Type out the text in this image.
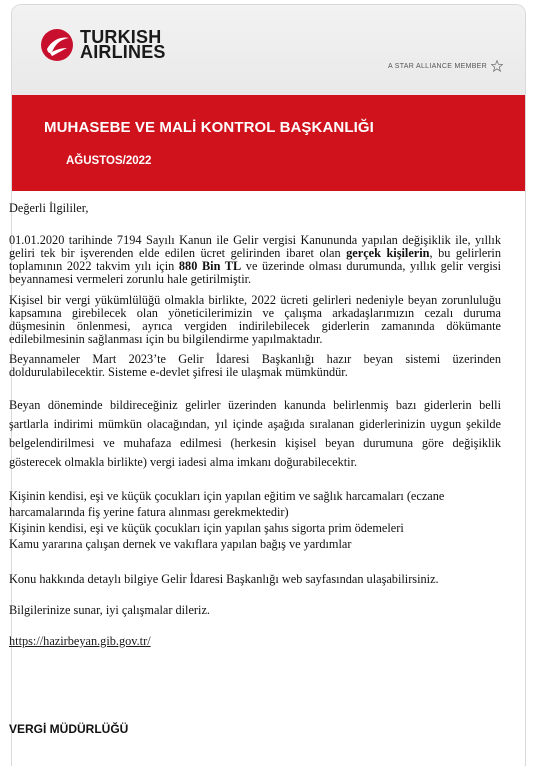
TURKISH
AIRLINES
A STAR ALLIANCE MEMBER
MUHASEBE VE MALİ KONTROL BAŞKANLIĞI
AĞUSTOS/2022

Değerli İlgililer,

01.01.2020 tarihinde 7194 Sayılı Kanun ile Gelir vergisi Kanununda yapılan değişiklik ile, yıllık geliri tek bir işverenden elde edilen ücret gelirinden ibaret olan gerçek kişilerin, bu gelirlerin toplamının 2022 takvim yılı için 880 Bin TL ve üzerinde olması durumunda, yıllık gelir vergisi beyannamesi vermeleri zorunlu hale getirilmiştir.

Kişisel bir vergi yükümlülüğü olmakla birlikte, 2022 ücreti gelirleri nedeniyle beyan zorunluluğu kapsamına girebilecek olan yöneticilerimizin ve çalışma arkadaşlarımızın cezalı duruma düşmesinin önlenmesi, ayrıca vergiden indirilebilecek giderlerin zamanında dökümante edilebilmesinin sağlanması için bu bilgilendirme yapılmaktadır.

Beyannameler Mart 2023’te Gelir İdaresi Başkanlığı hazır beyan sistemi üzerinden doldurulabilecektir. Sisteme e-devlet şifresi ile ulaşmak mümkündür.

Beyan döneminde bildireceğiniz gelirler üzerinden kanunda belirlenmiş bazı giderlerin belli şartlarla indirimi mümkün olacağından, yıl içinde aşağıda sıralanan giderlerinizin uygun şekilde belgelendirilmesi ve muhafaza edilmesi (herkesin kişisel beyan durumuna göre değişiklik gösterecek olmakla birlikte) vergi iadesi alma imkanı doğurabilecektir.

Kişinin kendisi, eşi ve küçük çocukları için yapılan eğitim ve sağlık harcamaları (eczane harcamalarında fiş yerine fatura alınması gerekmektedir)

Kişinin kendisi, eşi ve küçük çocukları için yapılan şahıs sigorta prim ödemeleri

Kamu yararına çalışan dernek ve vakıflara yapılan bağış ve yardımlar

Konu hakkında detaylı bilgiye Gelir İdaresi Başkanlığı web sayfasından ulaşabilirsiniz.

Bilgilerinize sunar, iyi çalışmalar dileriz.

https://hazirbeyan.gib.gov.tr/

VERGİ MÜDÜRLÜĞÜ
